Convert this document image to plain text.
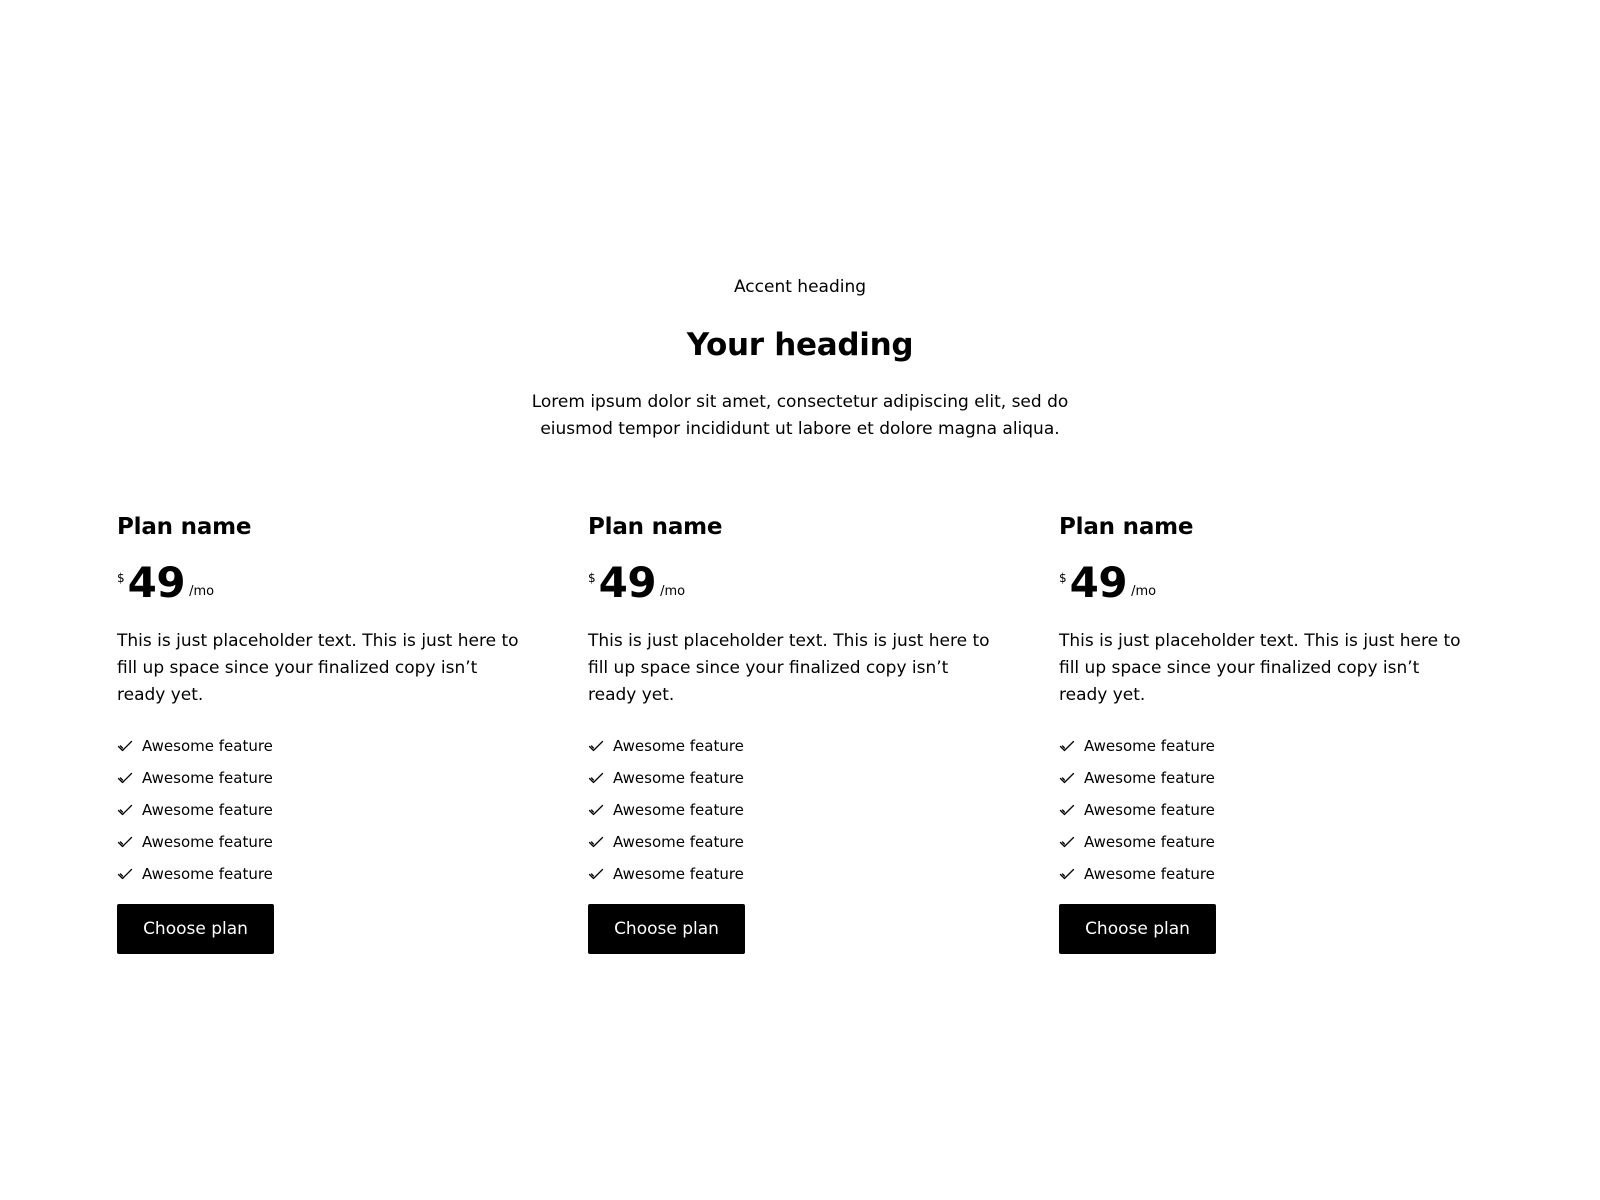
Accent heading

Your heading

Lorem ipsum dolor sit amet, consectetur adipiscing elit, sed do eiusmod tempor incididunt ut labore et dolore magna aliqua.

Plan name
$ 49 /mo

This is just placeholder text. This is just here to fill up space since your finalized copy isn’t ready yet.

Awesome feature
Awesome feature
Awesome feature
Awesome feature
Awesome feature
Choose plan
Plan name
$ 49 /mo

This is just placeholder text. This is just here to fill up space since your finalized copy isn’t ready yet.

Awesome feature
Awesome feature
Awesome feature
Awesome feature
Awesome feature
Choose plan
Plan name
$ 49 /mo

This is just placeholder text. This is just here to fill up space since your finalized copy isn’t ready yet.

Awesome feature
Awesome feature
Awesome feature
Awesome feature
Awesome feature
Choose plan
